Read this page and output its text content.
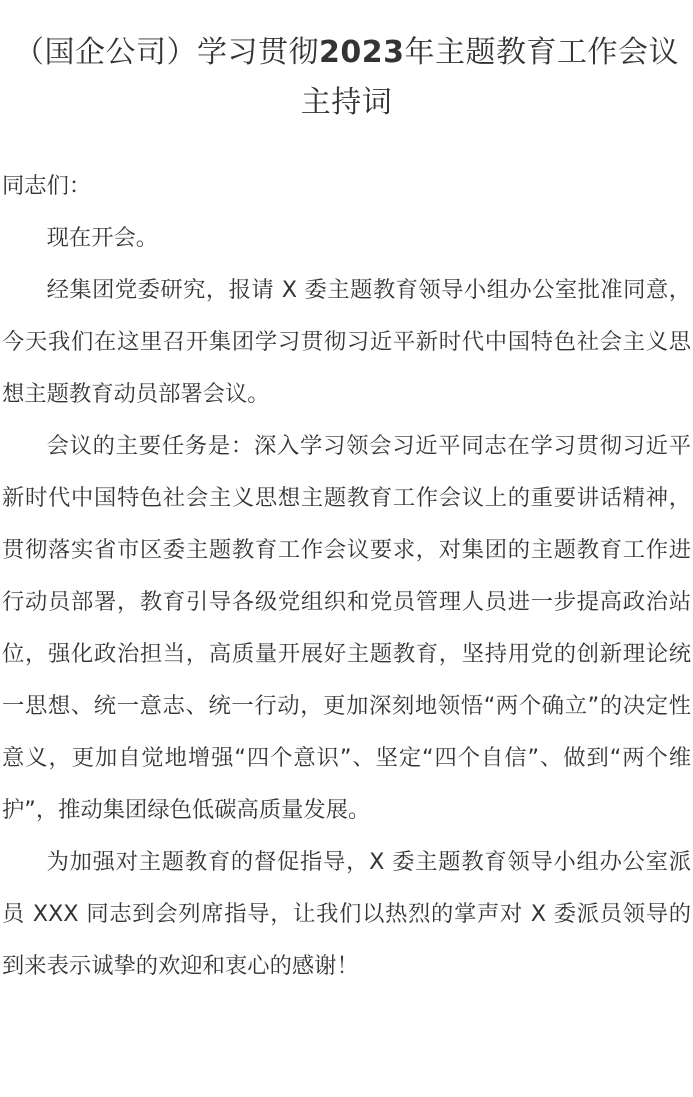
（国企公司）学习贯彻2023年主题教育工作会议主持词

同志们：

现在开会。

经集团党委研究，报请 X 委主题教育领导小组办公室批准同意，今天我们在这里召开集团学习贯彻习近平新时代中国特色社会主义思想主题教育动员部署会议。

会议的主要任务是：深入学习领会习近平同志在学习贯彻习近平新时代中国特色社会主义思想主题教育工作会议上的重要讲话精神，贯彻落实省市区委主题教育工作会议要求，对集团的主题教育工作进行动员部署，教育引导各级党组织和党员管理人员进一步提高政治站位，强化政治担当，高质量开展好主题教育，坚持用党的创新理论统一思想、统一意志、统一行动，更加深刻地领悟“两个确立”的决定性意义，更加自觉地增强“四个意识”、坚定“四个自信”、做到“两个维护”，推动集团绿色低碳高质量发展。

为加强对主题教育的督促指导，X 委主题教育领导小组办公室派员 XXX 同志到会列席指导，让我们以热烈的掌声对 X 委派员领导的到来表示诚挚的欢迎和衷心的感谢！
